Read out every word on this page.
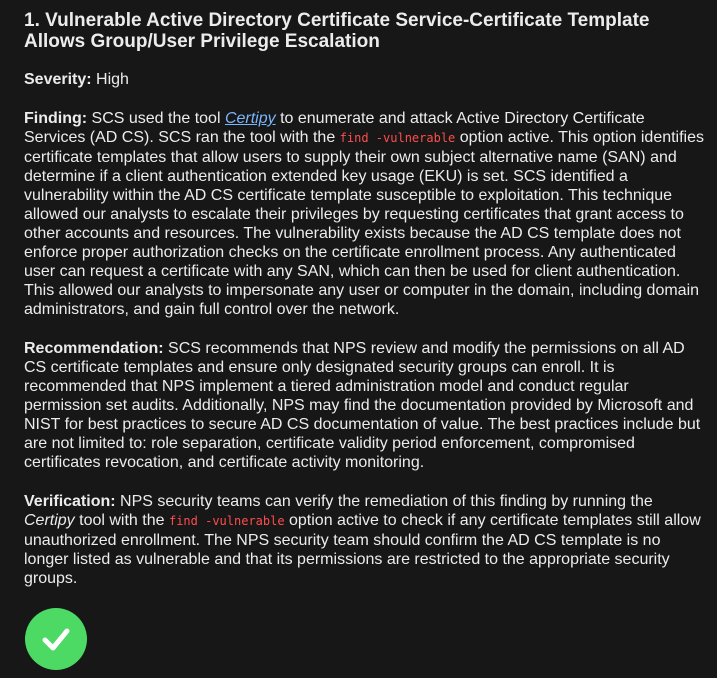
1. Vulnerable Active Directory Certificate Service-Certificate Template Allows Group/User Privilege Escalation

Severity: High

Finding: SCS used the tool Certipy to enumerate and attack Active Directory Certificate Services (AD CS). SCS ran the tool with the find -vulnerable option active. This option identifies certificate templates that allow users to supply their own subject alternative name (SAN) and determine if a client authentication extended key usage (EKU) is set. SCS identified a vulnerability within the AD CS certificate template susceptible to exploitation. This technique allowed our analysts to escalate their privileges by requesting certificates that grant access to other accounts and resources. The vulnerability exists because the AD CS template does not enforce proper authorization checks on the certificate enrollment process. Any authenticated user can request a certificate with any SAN, which can then be used for client authentication. This allowed our analysts to impersonate any user or computer in the domain, including domain administrators, and gain full control over the network.

Recommendation: SCS recommends that NPS review and modify the permissions on all AD CS certificate templates and ensure only designated security groups can enroll. It is recommended that NPS implement a tiered administration model and conduct regular permission set audits. Additionally, NPS may find the documentation provided by Microsoft and NIST for best practices to secure AD CS documentation of value. The best practices include but are not limited to: role separation, certificate validity period enforcement, compromised certificates revocation, and certificate activity monitoring.

Verification: NPS security teams can verify the remediation of this finding by running the Certipy tool with the find -vulnerable option active to check if any certificate templates still allow unauthorized enrollment. The NPS security team should confirm the AD CS template is no longer listed as vulnerable and that its permissions are restricted to the appropriate security groups.
